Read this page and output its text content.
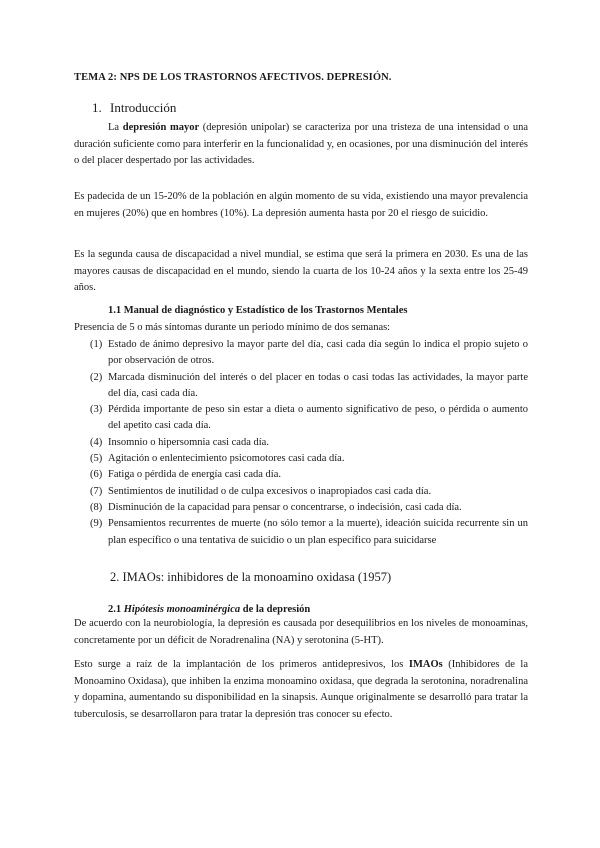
TEMA 2: NPS DE LOS TRASTORNOS AFECTIVOS. DEPRESIÓN.
1. Introducción

La depresión mayor (depresión unipolar) se caracteriza por una tristeza de una intensidad o una duración suficiente como para interferir en la funcionalidad y, en ocasiones, por una disminución del interés o del placer despertado por las actividades.

Es padecida de un 15-20% de la población en algún momento de su vida, existiendo una mayor prevalencia en mujeres (20%) que en hombres (10%). La depresión aumenta hasta por 20 el riesgo de suicidio.

Es la segunda causa de discapacidad a nivel mundial, se estima que será la primera en 2030. Es una de las mayores causas de discapacidad en el mundo, siendo la cuarta de los 10-24 años y la sexta entre los 25-49 años.

1.1 Manual de diagnóstico y Estadístico de los Trastornos Mentales
Presencia de 5 o más síntomas durante un periodo mínimo de dos semanas:
(1) Estado de ánimo depresivo la mayor parte del día, casi cada día según lo indica el propio sujeto o por observación de otros.
(2) Marcada disminución del interés o del placer en todas o casi todas las actividades, la mayor parte del día, casi cada día.
(3) Pérdida importante de peso sin estar a dieta o aumento significativo de peso, o pérdida o aumento del apetito casi cada día.
(4) Insomnio o hipersomnia casi cada día.
(5) Agitación o enlentecimiento psicomotores casi cada día.
(6) Fatiga o pérdida de energía casi cada día.
(7) Sentimientos de inutilidad o de culpa excesivos o inapropiados casi cada día.
(8) Disminución de la capacidad para pensar o concentrarse, o indecisión, casi cada día.
(9) Pensamientos recurrentes de muerte (no sólo temor a la muerte), ideación suicida recurrente sin un plan específico o una tentativa de suicidio o un plan específico para suicidarse
2. IMAOs: inhibidores de la monoamino oxidasa (1957)
2.1 Hipótesis monoaminérgica de la depresión

De acuerdo con la neurobiología, la depresión es causada por desequilibrios en los niveles de monoaminas, concretamente por un déficit de Noradrenalina (NA) y serotonina (5-HT).

Esto surge a raíz de la implantación de los primeros antidepresivos, los IMAOs (Inhibidores de la Monoamino Oxidasa), que inhiben la enzima monoamino oxidasa, que degrada la serotonina, noradrenalina y dopamina, aumentando su disponibilidad en la sinapsis. Aunque originalmente se desarrolló para tratar la tuberculosis, se desarrollaron para tratar la depresión tras conocer su efecto.
